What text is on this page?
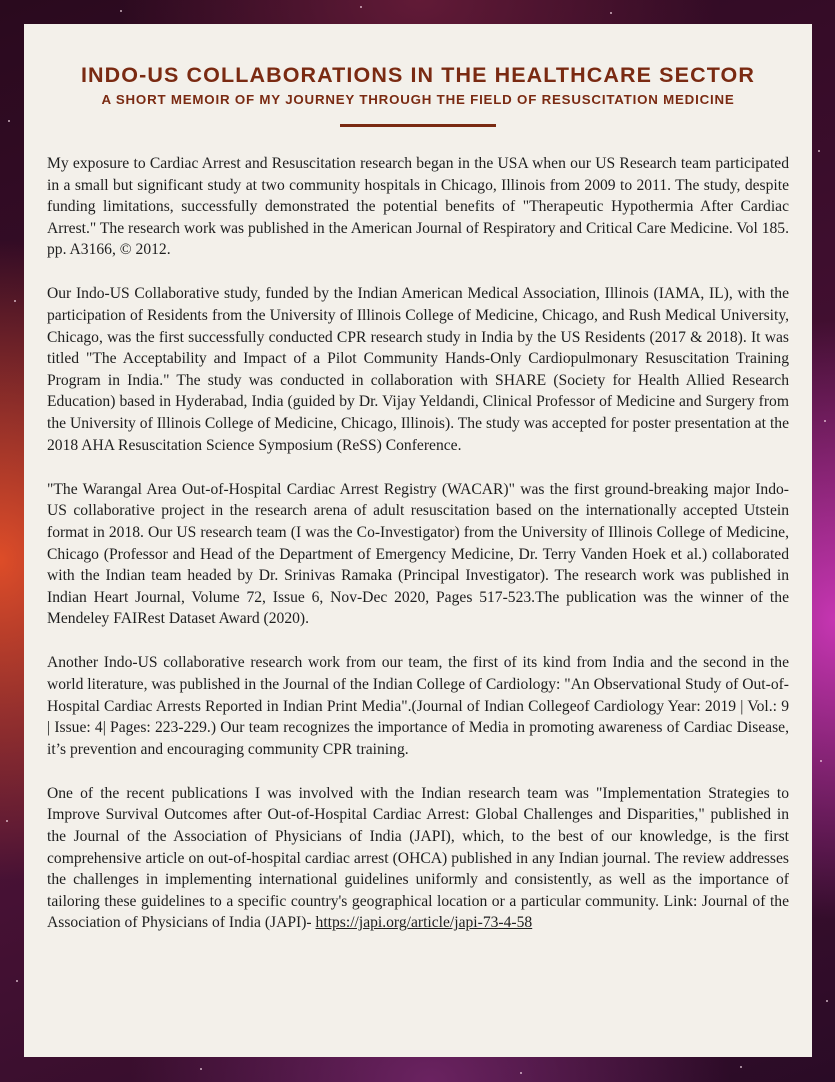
INDO-US COLLABORATIONS IN THE HEALTHCARE SECTOR
A SHORT MEMOIR OF MY JOURNEY THROUGH THE FIELD OF RESUSCITATION MEDICINE

My exposure to Cardiac Arrest and Resuscitation research began in the USA when our US Research team participated in a small but significant study at two community hospitals in Chicago, Illinois from 2009 to 2011. The study, despite funding limitations, successfully demonstrated the potential benefits of "Therapeutic Hypothermia After Cardiac Arrest." The research work was published in the American Journal of Respiratory and Critical Care Medicine. Vol 185. pp. A3166, © 2012.

Our Indo-US Collaborative study, funded by the Indian American Medical Association, Illinois (IAMA, IL), with the participation of Residents from the University of Illinois College of Medicine, Chicago, and Rush Medical University, Chicago, was the first successfully conducted CPR research study in India by the US Residents (2017 & 2018). It was titled "The Acceptability and Impact of a Pilot Community Hands-Only Cardiopulmonary Resuscitation Training Program in India." The study was conducted in collaboration with SHARE (Society for Health Allied Research Education) based in Hyderabad, India (guided by Dr. Vijay Yeldandi, Clinical Professor of Medicine and Surgery from the University of Illinois College of Medicine, Chicago, Illinois). The study was accepted for poster presentation at the 2018 AHA Resuscitation Science Symposium (ReSS) Conference.

"The Warangal Area Out-of-Hospital Cardiac Arrest Registry (WACAR)" was the first ground-breaking major Indo-US collaborative project in the research arena of adult resuscitation based on the internationally accepted Utstein format in 2018. Our US research team (I was the Co-Investigator) from the University of Illinois College of Medicine, Chicago (Professor and Head of the Department of Emergency Medicine, Dr. Terry Vanden Hoek et al.) collaborated with the Indian team headed by Dr. Srinivas Ramaka (Principal Investigator). The research work was published in Indian Heart Journal, Volume 72, Issue 6, Nov-Dec 2020, Pages 517-523.The publication was the winner of the Mendeley FAIRest Dataset Award (2020).

Another Indo-US collaborative research work from our team, the first of its kind from India and the second in the world literature, was published in the Journal of the Indian College of Cardiology: "An Observational Study of Out-of-Hospital Cardiac Arrests Reported in Indian Print Media".(Journal of Indian Collegeof Cardiology Year: 2019 | Vol.: 9 | Issue: 4| Pages: 223-229.) Our team recognizes the importance of Media in promoting awareness of Cardiac Disease, it’s prevention and encouraging community CPR training.

One of the recent publications I was involved with the Indian research team was "Implementation Strategies to Improve Survival Outcomes after Out-of-Hospital Cardiac Arrest: Global Challenges and Disparities," published in the Journal of the Association of Physicians of India (JAPI), which, to the best of our knowledge, is the first comprehensive article on out-of-hospital cardiac arrest (OHCA) published in any Indian journal. The review addresses the challenges in implementing international guidelines uniformly and consistently, as well as the importance of tailoring these guidelines to a specific country's geographical location or a particular community. Link: Journal of the Association of Physicians of India (JAPI)- https://japi.org/article/japi-73-4-58
